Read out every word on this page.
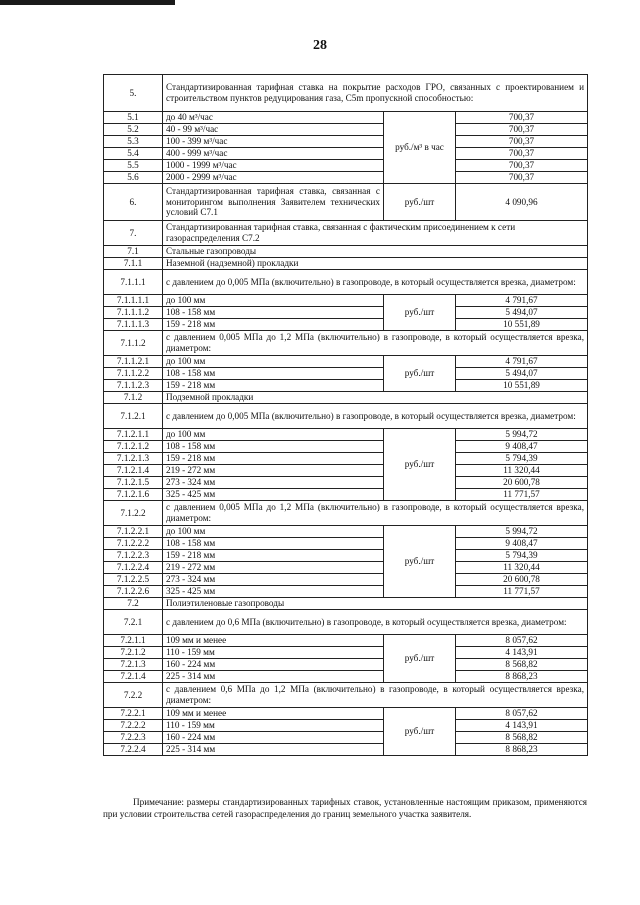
28
5.	Стандартизированная тарифная ставка на покрытие расходов ГРО, связанных с проектированием и строительством пунктов редуцирования газа, C5m пропускной способностью:		
5.1	до 40 м³/час	руб./м³ в час	700,37
5.2	40 - 99 м³/час		700,37
5.3	100 - 399 м³/час		700,37
5.4	400 - 999 м³/час		700,37
5.5	1000 - 1999 м³/час		700,37
5.6	2000 - 2999 м³/час		700,37
6.	Стандартизированная тарифная ставка, связанная с мониторингом выполнения Заявителем технических условий C7.1	руб./шт	4 090,96
7.	Стандартизированная тарифная ставка, связанная с фактическим присоединением к сети газораспределения C7.2		
7.1	Стальные газопроводы		
7.1.1	Наземной (надземной) прокладки		
7.1.1.1	с давлением до 0,005 МПа (включительно) в газопроводе, в который осуществляется врезка, диаметром:		
7.1.1.1.1	до 100 мм	руб./шт	4 791,67
7.1.1.1.2	108 - 158 мм		5 494,07
7.1.1.1.3	159 - 218 мм		10 551,89
7.1.1.2	с давлением 0,005 МПа до 1,2 МПа (включительно) в газопроводе, в который осуществляется врезка, диаметром:		
7.1.1.2.1	до 100 мм	руб./шт	4 791,67
7.1.1.2.2	108 - 158 мм		5 494,07
7.1.1.2.3	159 - 218 мм		10 551,89
7.1.2	Подземной прокладки		
7.1.2.1	с давлением до 0,005 МПа (включительно) в газопроводе, в который осуществляется врезка, диаметром:		
7.1.2.1.1	до 100 мм	руб./шт	5 994,72
7.1.2.1.2	108 - 158 мм		9 408,47
7.1.2.1.3	159 - 218 мм		5 794,39
7.1.2.1.4	219 - 272 мм		11 320,44
7.1.2.1.5	273 - 324 мм		20 600,78
7.1.2.1.6	325 - 425 мм		11 771,57
7.1.2.2	с давлением 0,005 МПа до 1,2 МПа (включительно) в газопроводе, в который осуществляется врезка, диаметром:		
7.1.2.2.1	до 100 мм	руб./шт	5 994,72
7.1.2.2.2	108 - 158 мм		9 408,47
7.1.2.2.3	159 - 218 мм		5 794,39
7.1.2.2.4	219 - 272 мм		11 320,44
7.1.2.2.5	273 - 324 мм		20 600,78
7.1.2.2.6	325 - 425 мм		11 771,57
7.2	Полиэтиленовые газопроводы		
7.2.1	с давлением до 0,6 МПа (включительно) в газопроводе, в который осуществляется врезка, диаметром:		
7.2.1.1	109 мм и менее	руб./шт	8 057,62
7.2.1.2	110 - 159 мм		4 143,91
7.2.1.3	160 - 224 мм		8 568,82
7.2.1.4	225 - 314 мм		8 868,23
7.2.2	с давлением 0,6 МПа до 1,2 МПа (включительно) в газопроводе, в который осуществляется врезка, диаметром:		
7.2.2.1	109 мм и менее	руб./шт	8 057,62
7.2.2.2	110 - 159 мм		4 143,91
7.2.2.3	160 - 224 мм		8 568,82
7.2.2.4	225 - 314 мм		8 868,23
Примечание: размеры стандартизированных тарифных ставок, установленные настоящим приказом, применяются при условии строительства сетей газораспределения до границ земельного участка заявителя.
